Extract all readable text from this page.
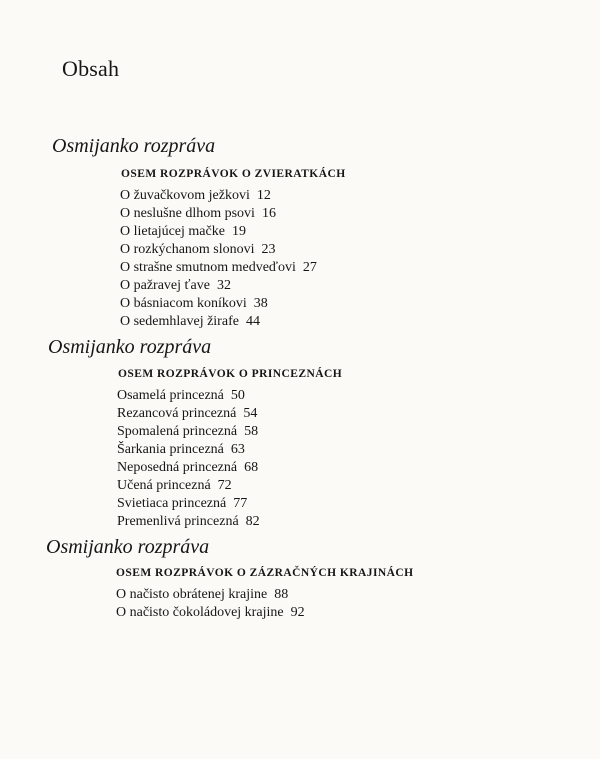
Obsah
Osmijanko rozpráva
OSEM ROZPRÁVOK O ZVIERATKÁCH
O žuvačkovom ježkovi 12
O neslušne dlhom psovi 16
O lietajúcej mačke 19
O rozkýchanom slonovi 23
O strašne smutnom medveďovi 27
O pažravej ťave 32
O básniacom koníkovi 38
O sedemhlavej žirafe 44
Osmijanko rozpráva
OSEM ROZPRÁVOK O PRINCEZNÁCH
Osamelá princezná 50
Rezancová princezná 54
Spomalená princezná 58
Šarkania princezná 63
Neposedná princezná 68
Učená princezná 72
Svietiaca princezná 77
Premenlivá princezná 82
Osmijanko rozpráva
OSEM ROZPRÁVOK O ZÁZRAČNÝCH KRAJINÁCH
O načisto obrátenej krajine 88
O načisto čokoládovej krajine 92
